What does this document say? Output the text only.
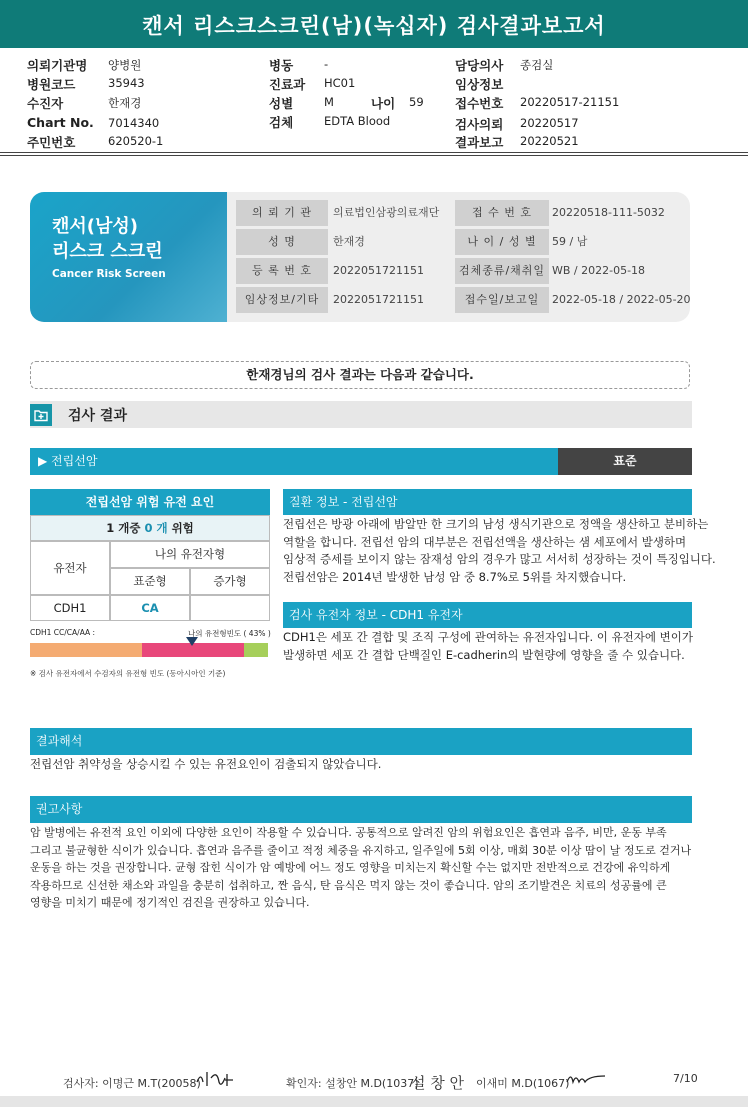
캔서 리스크스크린(남)(녹십자) 검사결과보고서
의뢰기관명 양병원
병원코드	35943
수진자	한재경
Chart No. 7014340
주민번호	620520-1
병동	-
진료과 HC01
성별	M	나이 59
검체	EDTA Blood
담당의사 종검실
임상정보
접수번호 20220517-21151
검사의뢰 20220517
결과보고 20220521
캔서(남성)
리스크 스크린
Cancer Risk Screen
의 뢰 기 관	의료법인삼광의료재단	접 수 번 호	20220518-111-5032
성 명	한재경	나 이 / 성 별	59 / 남
등 록 번 호	2022051721151	검체종류/채취일 WB / 2022-05-18
임상정보/기타	2022051721151	접수일/보고일	2022-05-18 / 2022-05-20
한재경님의 검사 결과는 다음과 같습니다.
검사 결과
▶ 전립선암	표준
전립선암 위험 유전 요인
1 개중 0 개 위험
유전자
나의 유전자형
표준형	증가형
CDH1	CA
CDH1 CC/CA/AA :	나의 유전형빈도 ( 43% )
※ 검사 유전자에서 수검자의 유전형 빈도 (동아시아인 기준)
질환 정보 - 전립선암
전립선은 방광 아래에 밤알만 한 크기의 남성 생식기관으로 정액을 생산하고 분비하는
역할을 합니다. 전립선 암의 대부분은 전립선액을 생산하는 샘 세포에서 발생하며
임상적 증세를 보이지 않는 잠재성 암의 경우가 많고 서서히 성장하는 것이 특징입니다.
전립선암은 2014년 발생한 남성 암 중 8.7%로 5위를 차지했습니다.
검사 유전자 정보 - CDH1 유전자
CDH1은 세포 간 결합 및 조직 구성에 관여하는 유전자입니다. 이 유전자에 변이가
발생하면 세포 간 결합 단백질인 E-cadherin의 발현량에 영향을 줄 수 있습니다.
결과해석
전립선암 취약성을 상승시킬 수 있는 유전요인이 검출되지 않았습니다.
권고사항
암 발병에는 유전적 요인 이외에 다양한 요인이 작용할 수 있습니다. 공통적으로 알려진 암의 위험요인은 흡연과 음주, 비만, 운동 부족
그리고 불균형한 식이가 있습니다. 흡연과 음주를 줄이고 적정 체중을 유지하고, 일주일에 5회 이상, 매회 30분 이상 땀이 날 정도로 걷거나
운동을 하는 것을 권장합니다. 균형 잡힌 식이가 암 예방에 어느 정도 영향을 미치는지 확신할 수는 없지만 전반적으로 건강에 유익하게
작용하므로 신선한 채소와 과일을 충분히 섭취하고, 짠 음식, 탄 음식은 먹지 않는 것이 좋습니다. 암의 조기발견은 치료의 성공률에 큰
영향을 미치기 때문에 정기적인 검진을 권장하고 있습니다.
검사자: 이명근 M.T(20058)	확인자: 설창안 M.D(1037)
설 창 안 이새미 M.D(1067)	7/10
